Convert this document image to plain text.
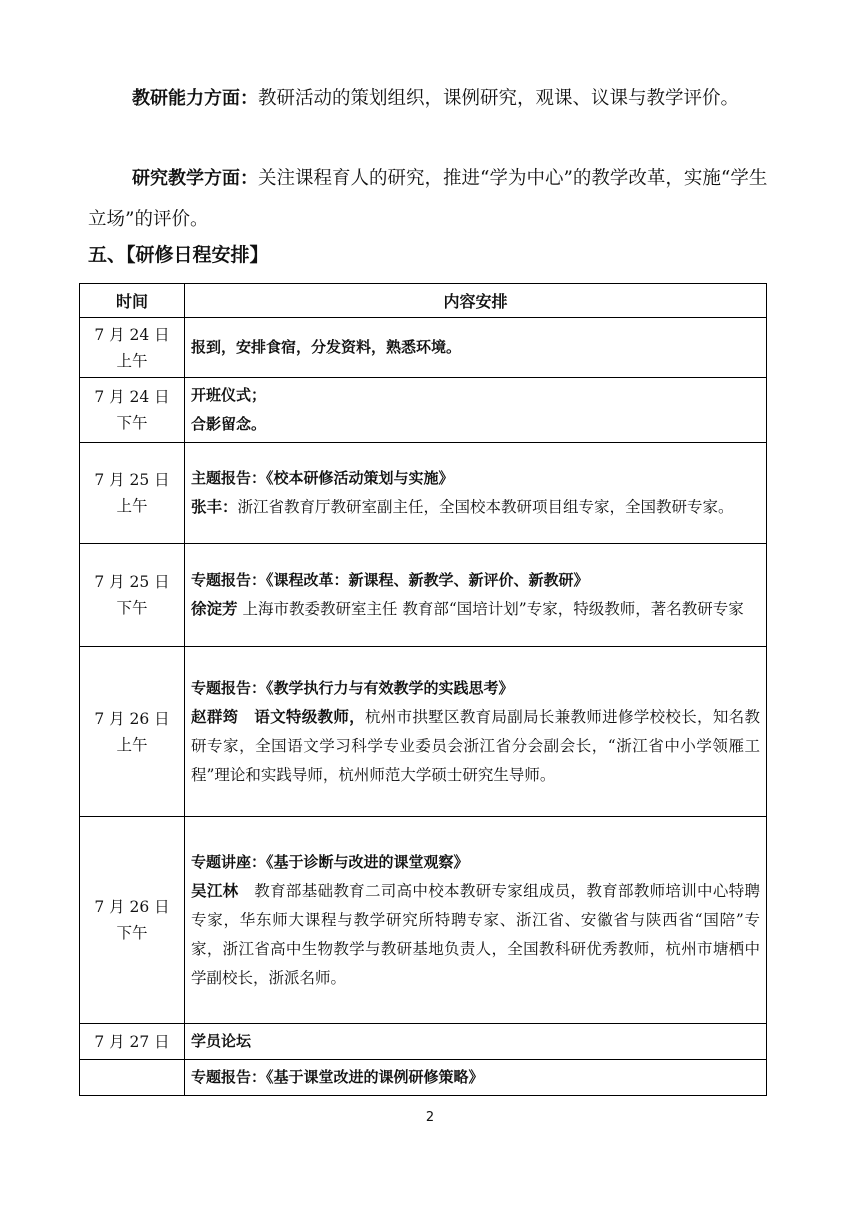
教研能力方面：教研活动的策划组织，课例研究，观课、议课与教学评价。
研究教学方面：关注课程育人的研究，推进“学为中心”的教学改革，实施“学生立场”的评价。
五、【研修日程安排】
时间	内容安排

7 月 24 日
上午	报到，安排食宿，分发资料，熟悉环境。

7 月 24 日
下午	开班仪式；
合影留念。

7 月 25 日
上午	主题报告：《校本研修活动策划与实施》
张丰：浙江省教育厅教研室副主任，全国校本教研项目组专家，全国教研专家。

7 月 25 日
下午	专题报告：《课程改革：新课程、新教学、新评价、新教研》
徐淀芳 上海市教委教研室主任 教育部“国培计划”专家，特级教师，著名教研专家

7 月 26 日
上午	专题报告：《教学执行力与有效教学的实践思考》
赵群筠　语文特级教师，杭州市拱墅区教育局副局长兼教师进修学校校长，知名教研专家，全国语文学习科学专业委员会浙江省分会副会长，“浙江省中小学领雁工程”理论和实践导师，杭州师范大学硕士研究生导师。

7 月 26 日
下午	专题讲座：《基于诊断与改进的课堂观察》
吴江林　教育部基础教育二司高中校本教研专家组成员，教育部教师培训中心特聘专家，华东师大课程与教学研究所特聘专家、浙江省、安徽省与陕西省“国陪”专家，浙江省高中生物教学与教研基地负责人，全国教科研优秀教师，杭州市塘栖中学副校长，浙派名师。

7 月 27 日	学员论坛

	专题报告：《基于课堂改进的课例研修策略》
2
